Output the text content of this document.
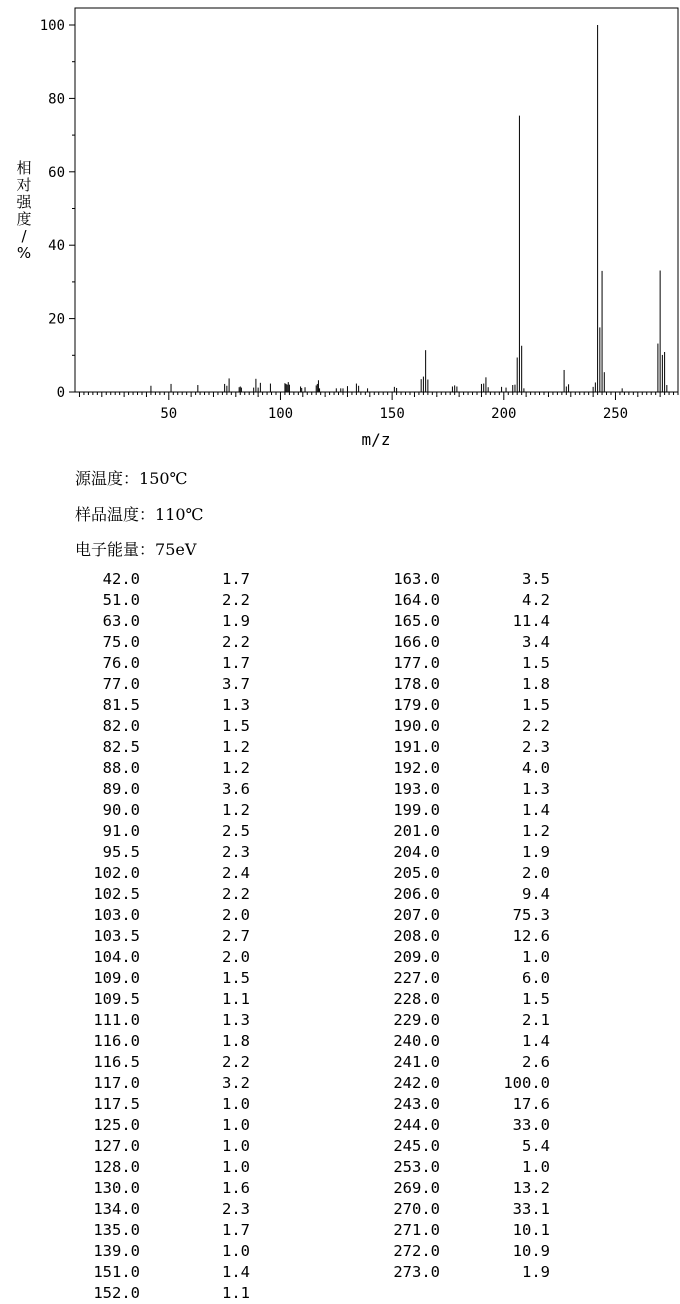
0
20
40
60
80
100
50	100	150	200	250
m/z
相
对
强
度
/
%
源温度：150℃
样品温度：110℃
电子能量：75eV
42.0	1.7
51.0	2.2
63.0	1.9
75.0	2.2
76.0	1.7
77.0	3.7
81.5	1.3
82.0	1.5
82.5	1.2
88.0	1.2
89.0	3.6
90.0	1.2
91.0	2.5
95.5	2.3
102.0	2.4
102.5	2.2
103.0	2.0
103.5	2.7
104.0	2.0
109.0	1.5
109.5	1.1
111.0	1.3
116.0	1.8
116.5	2.2
117.0	3.2
117.5	1.0
125.0	1.0
127.0	1.0
128.0	1.0
130.0	1.6
134.0	2.3
135.0	1.7
139.0	1.0
151.0	1.4
152.0	1.1
163.0	3.5
164.0	4.2
165.0	11.4
166.0	3.4
177.0	1.5
178.0	1.8
179.0	1.5
190.0	2.2
191.0	2.3
192.0	4.0
193.0	1.3
199.0	1.4
201.0	1.2
204.0	1.9
205.0	2.0
206.0	9.4
207.0	75.3
208.0	12.6
209.0	1.0
227.0	6.0
228.0	1.5
229.0	2.1
240.0	1.4
241.0	2.6
242.0	100.0
243.0	17.6
244.0	33.0
245.0	5.4
253.0	1.0
269.0	13.2
270.0	33.1
271.0	10.1
272.0	10.9
273.0	1.9
